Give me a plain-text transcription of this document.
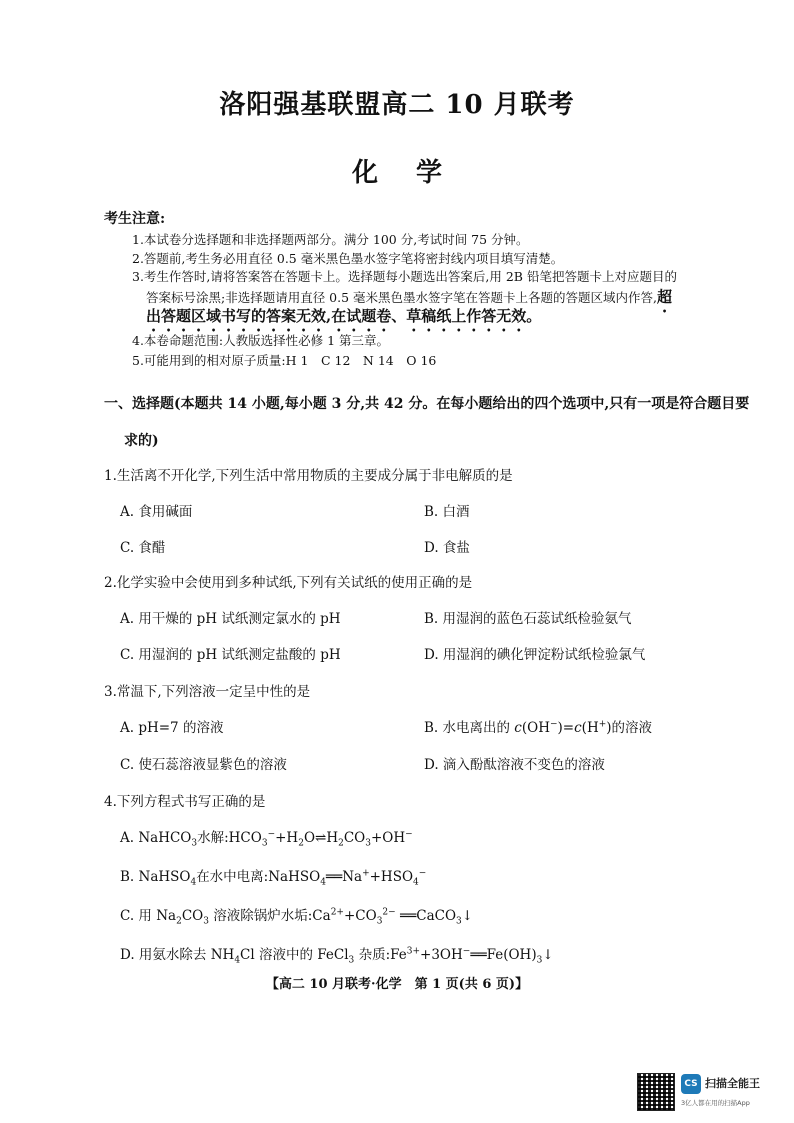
洛阳强基联盟高二 10 月联考
化学
考生注意:
1.本试卷分选择题和非选择题两部分。满分 100 分,考试时间 75 分钟。
2.答题前,考生务必用直径 0.5 毫米黑色墨水签字笔将密封线内项目填写清楚。
3.考生作答时,请将答案答在答题卡上。选择题每小题选出答案后,用 2B 铅笔把答题卡上对应题目的
答案标号涂黑;非选择题请用直径 0.5 毫米黑色墨水签字笔在答题卡上各题的答题区域内作答,超
出答题区域书写的答案无效,在试题卷、草稿纸上作答无效。
4.本卷命题范围:人教版选择性必修 1 第三章。
5.可能用到的相对原子质量:H 1　C 12　N 14　O 16
一、选择题(本题共 14 小题,每小题 3 分,共 42 分。在每小题给出的四个选项中,只有一项是符合题目要
求的)
1.生活离不开化学,下列生活中常用物质的主要成分属于非电解质的是
A. 食用碱面	B. 白酒
C. 食醋	D. 食盐
2.化学实验中会使用到多种试纸,下列有关试纸的使用正确的是
A. 用干燥的 pH 试纸测定氯水的 pH	B. 用湿润的蓝色石蕊试纸检验氨气
C. 用湿润的 pH 试纸测定盐酸的 pH	D. 用湿润的碘化钾淀粉试纸检验氯气
3.常温下,下列溶液一定呈中性的是
A. pH=7 的溶液	B. 水电离出的 c(OH−)=c(H+)的溶液
C. 使石蕊溶液显紫色的溶液	D. 滴入酚酞溶液不变色的溶液
4.下列方程式书写正确的是
A. NaHCO$_3$水解$:HCO_3^-+H_2O\rightleftharpoons H_2CO_3+OH^-$
B. NaHSO$_4$在水中电离$:NaHSO_4══Na^++HSO_4^-$
C. 用 $Na_2CO_3$ 溶液除锅炉水垢$:Ca^{2+}+CO_3^{2-}$ ══CaCO$_3$↓
D. 用氨水除去 $NH_4Cl$ 溶液中的 FeCl$_3$ 杂质$:Fe^{3+}+3OH^-══Fe(OH)_3↓$
【高二 10 月联考·化学　第 1 页(共 6 页)】
CS 扫描全能王
3亿人都在用的扫描App
